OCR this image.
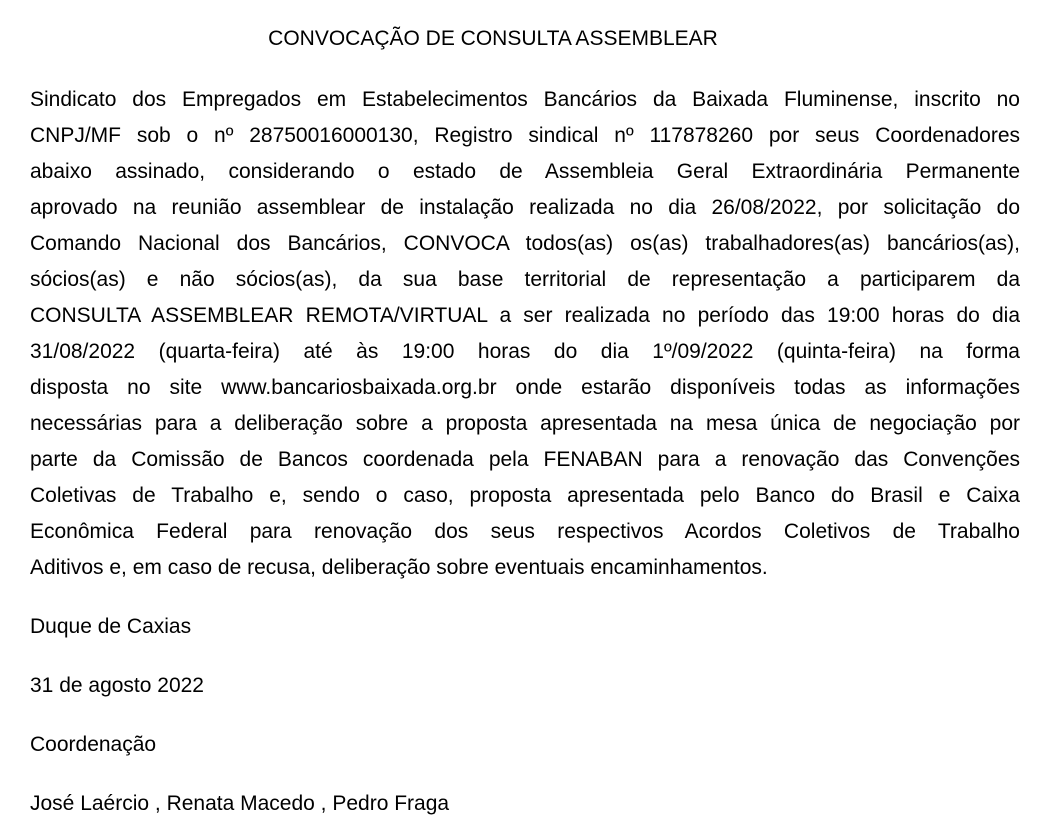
CONVOCAÇÃO DE CONSULTA ASSEMBLEAR

Sindicato dos Empregados em Estabelecimentos Bancários da Baixada Fluminense, inscrito no
CNPJ/MF sob o nº 28750016000130, Registro sindical nº 117878260 por seus Coordenadores
abaixo assinado, considerando o estado de Assembleia Geral Extraordinária Permanente
aprovado na reunião assemblear de instalação realizada no dia 26/08/2022, por solicitação do
Comando Nacional dos Bancários, CONVOCA todos(as) os(as) trabalhadores(as) bancários(as),
sócios(as) e não sócios(as), da sua base territorial de representação a participarem da
CONSULTA ASSEMBLEAR REMOTA/VIRTUAL a ser realizada no período das 19:00 horas do dia
31/08/2022 (quarta-feira) até às 19:00 horas do dia 1º/09/2022 (quinta-feira) na forma
disposta no site www.bancariosbaixada.org.br onde estarão disponíveis todas as informações
necessárias para a deliberação sobre a proposta apresentada na mesa única de negociação por
parte da Comissão de Bancos coordenada pela FENABAN para a renovação das Convenções
Coletivas de Trabalho e, sendo o caso, proposta apresentada pelo Banco do Brasil e Caixa
Econômica Federal para renovação dos seus respectivos Acordos Coletivos de Trabalho
Aditivos e, em caso de recusa, deliberação sobre eventuais encaminhamentos.

Duque de Caxias
31 de agosto 2022
Coordenação
José Laércio , Renata Macedo , Pedro Fraga
